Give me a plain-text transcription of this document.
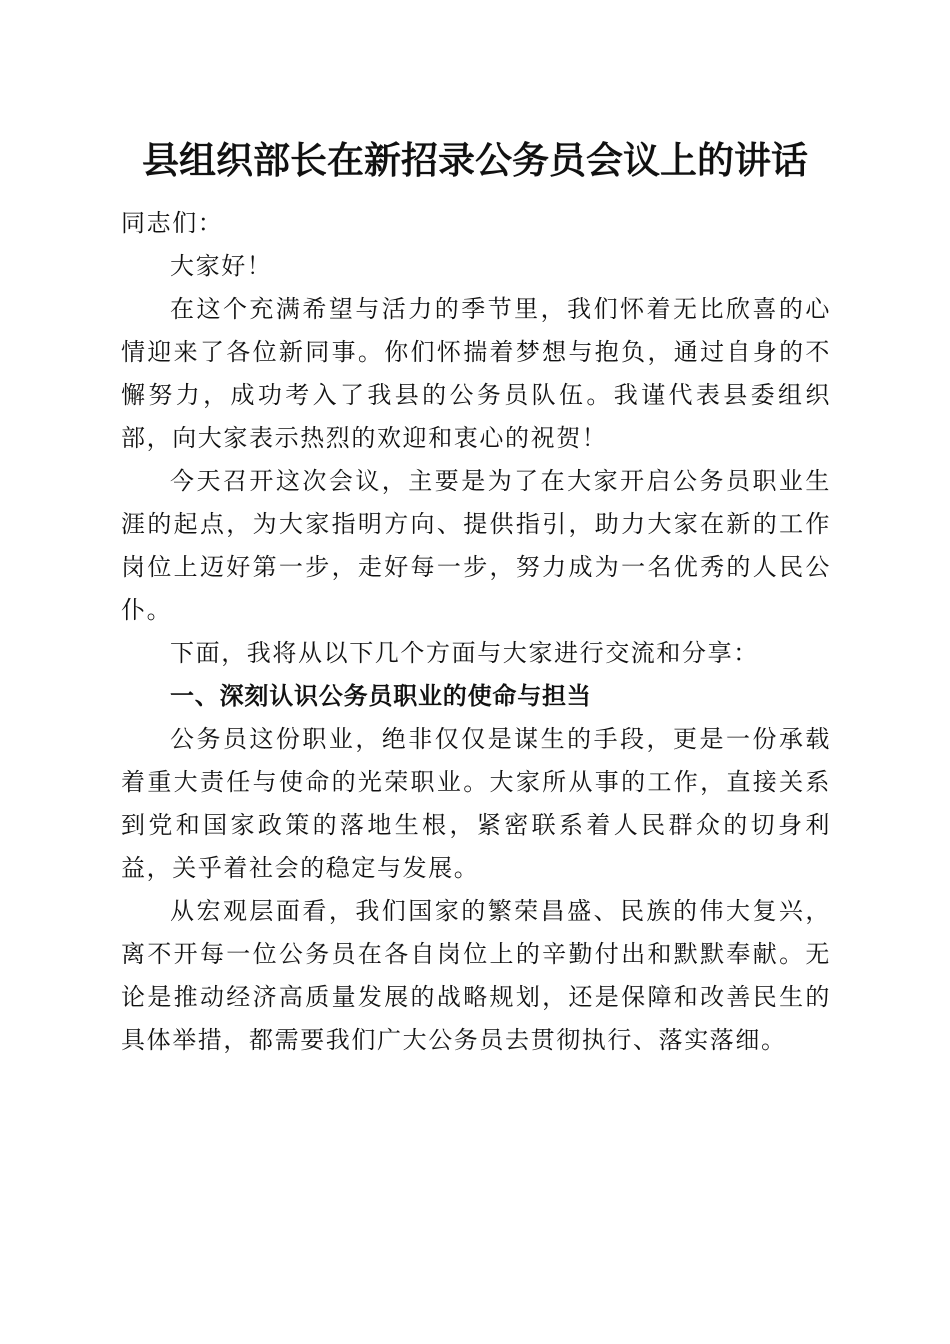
县组织部长在新招录公务员会议上的讲话

同志们：

大家好！

在这个充满希望与活力的季节里，我们怀着无比欣喜的心情迎来了各位新同事。你们怀揣着梦想与抱负，通过自身的不懈努力，成功考入了我县的公务员队伍。我谨代表县委组织部，向大家表示热烈的欢迎和衷心的祝贺！

今天召开这次会议，主要是为了在大家开启公务员职业生涯的起点，为大家指明方向、提供指引，助力大家在新的工作岗位上迈好第一步，走好每一步，努力成为一名优秀的人民公仆。

下面，我将从以下几个方面与大家进行交流和分享：

一、深刻认识公务员职业的使命与担当

公务员这份职业，绝非仅仅是谋生的手段，更是一份承载着重大责任与使命的光荣职业。大家所从事的工作，直接关系到党和国家政策的落地生根，紧密联系着人民群众的切身利益，关乎着社会的稳定与发展。

从宏观层面看，我们国家的繁荣昌盛、民族的伟大复兴，离不开每一位公务员在各自岗位上的辛勤付出和默默奉献。无论是推动经济高质量发展的战略规划，还是保障和改善民生的具体举措，都需要我们广大公务员去贯彻执行、落实落细。
